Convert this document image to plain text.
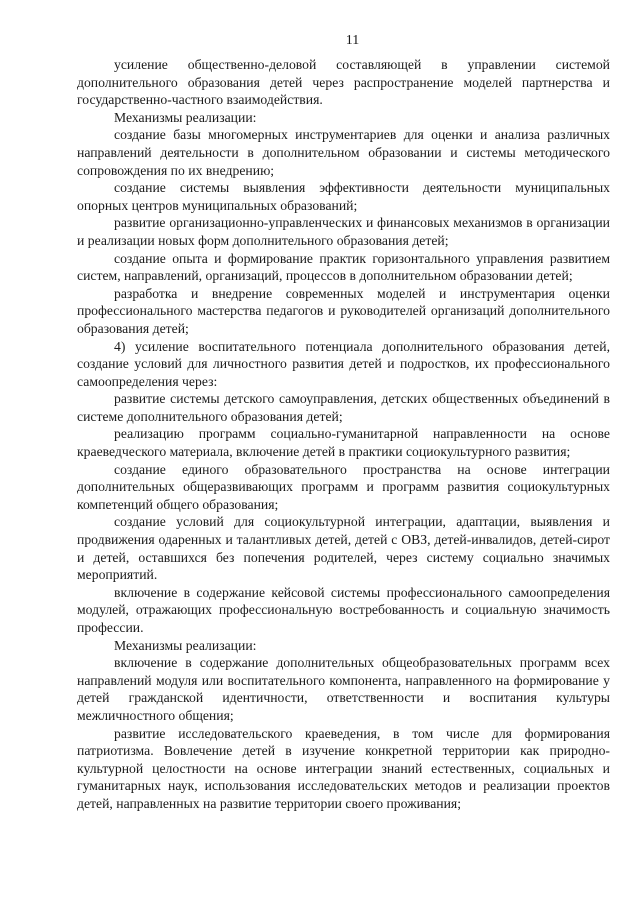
11

усиление общественно-деловой составляющей в управлении системой дополнительного образования детей через распространение моделей партнерства и государственно-частного взаимодействия.

Механизмы реализации:

создание базы многомерных инструментариев для оценки и анализа различных направлений деятельности в дополнительном образовании и системы методического сопровождения по их внедрению;

создание системы выявления эффективности деятельности муниципальных опорных центров муниципальных образований;

развитие организационно-управленческих и финансовых механизмов в организации и реализации новых форм дополнительного образования детей;

создание опыта и формирование практик горизонтального управления развитием систем, направлений, организаций, процессов в дополнительном образовании детей;

разработка и внедрение современных моделей и инструментария оценки профессионального мастерства педагогов и руководителей организаций дополнительного образования детей;

4) усиление воспитательного потенциала дополнительного образования детей, создание условий для личностного развития детей и подростков, их профессионального самоопределения через:

развитие системы детского самоуправления, детских общественных объединений в системе дополнительного образования детей;

реализацию программ социально-гуманитарной направленности на основе краеведческого материала, включение детей в практики социокультурного развития;

создание единого образовательного пространства на основе интеграции дополнительных общеразвивающих программ и программ развития социокультурных компетенций общего образования;

создание условий для социокультурной интеграции, адаптации, выявления и продвижения одаренных и талантливых детей, детей с ОВЗ, детей-инвалидов, детей-сирот и детей, оставшихся без попечения родителей, через систему социально значимых мероприятий.

включение в содержание кейсовой системы профессионального самоопределения модулей, отражающих профессиональную востребованность и социальную значимость профессии.

Механизмы реализации:

включение в содержание дополнительных общеобразовательных программ всех направлений модуля или воспитательного компонента, направленного на формирование у детей гражданской идентичности, ответственности и воспитания культуры межличностного общения;

развитие исследовательского краеведения, в том числе для формирования патриотизма. Вовлечение детей в изучение конкретной территории как природно-культурной целостности на основе интеграции знаний естественных, социальных и гуманитарных наук, использования исследовательских методов и реализации проектов детей, направленных на развитие территории своего проживания;
